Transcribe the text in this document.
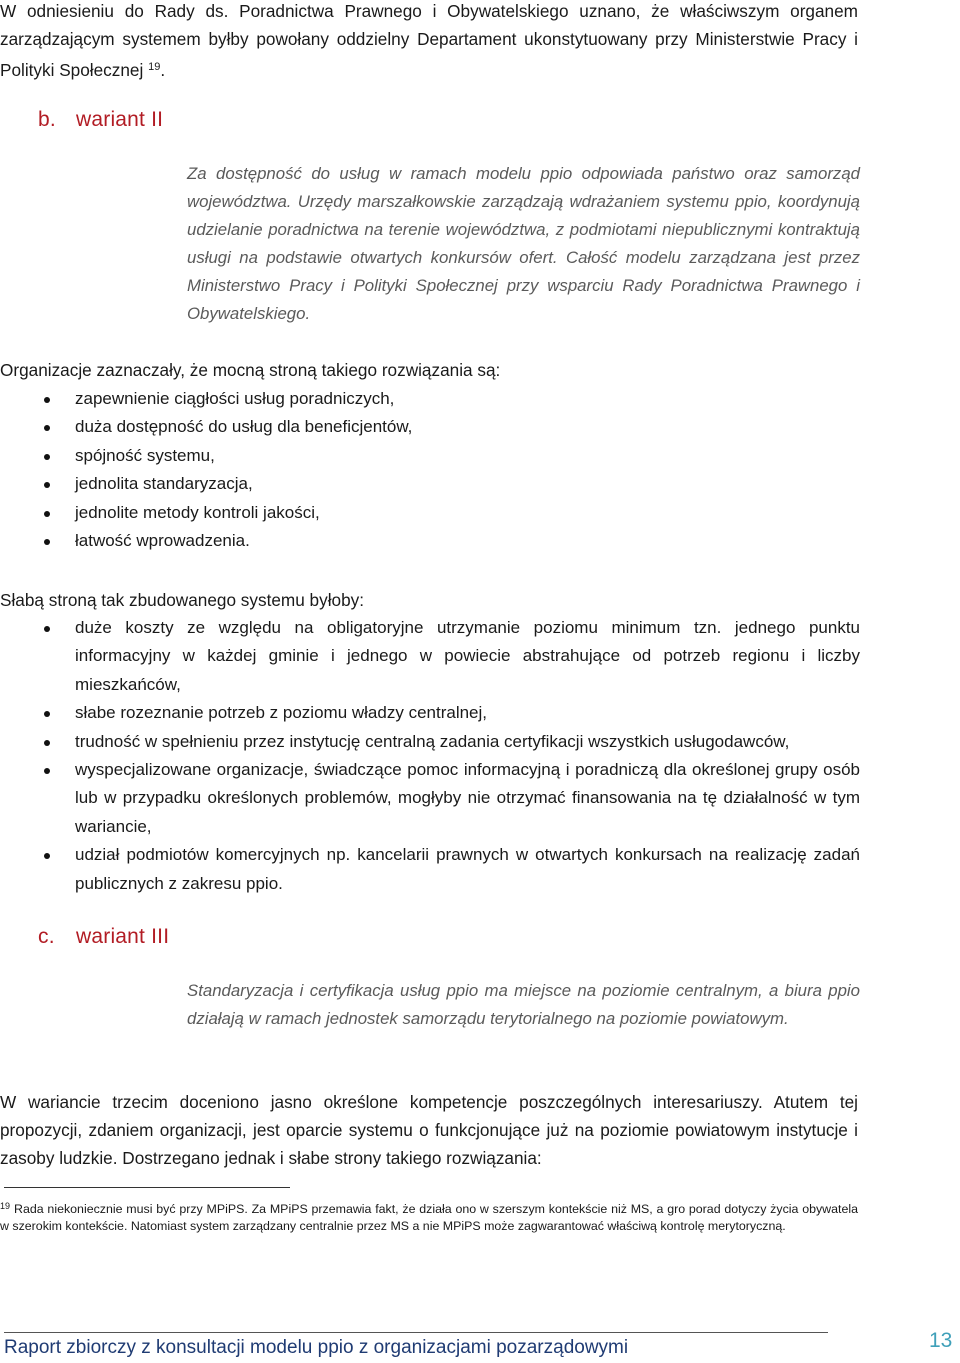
W odniesieniu do Rady ds. Poradnictwa Prawnego i Obywatelskiego uznano, że właściwszym organem zarządzającym systemem byłby powołany oddzielny Departament ukonstytuowany przy Ministerstwie Pracy i Polityki Społecznej $^{19}$.

b. wariant II

Za dostępność do usług w ramach modelu ppio odpowiada państwo oraz samorząd województwa. Urzędy marszałkowskie zarządzają wdrażaniem systemu ppio, koordynują udzielanie poradnictwa na terenie województwa, z podmiotami niepublicznymi kontraktują usługi na podstawie otwartych konkursów ofert. Całość modelu zarządzana jest przez Ministerstwo Pracy i Polityki Społecznej przy wsparciu Rady Poradnictwa Prawnego i Obywatelskiego.

Organizacje zaznaczały, że mocną stroną takiego rozwiązania są:

zapewnienie ciągłości usług poradniczych,
duża dostępność do usług dla beneficjentów,
spójność systemu,
jednolita standaryzacja,
jednolite metody kontroli jakości,
łatwość wprowadzenia.

Słabą stroną tak zbudowanego systemu byłoby:

duże koszty ze względu na obligatoryjne utrzymanie poziomu minimum tzn. jednego punktu informacyjny w każdej gminie i jednego w powiecie abstrahujące od potrzeb regionu i liczby mieszkańców,
słabe rozeznanie potrzeb z poziomu władzy centralnej,
trudność w spełnieniu przez instytucję centralną zadania certyfikacji wszystkich usługodawców,
wyspecjalizowane organizacje, świadczące pomoc informacyjną i poradniczą dla określonej grupy osób lub w przypadku określonych problemów, mogłyby nie otrzymać finansowania na tę działalność w tym wariancie,
udział podmiotów komercyjnych np. kancelarii prawnych w otwartych konkursach na realizację zadań publicznych z zakresu ppio.
c. wariant III

Standaryzacja i certyfikacja usług ppio ma miejsce na poziomie centralnym, a biura ppio działają w ramach jednostek samorządu terytorialnego na poziomie powiatowym.

W wariancie trzecim doceniono jasno określone kompetencje poszczególnych interesariuszy. Atutem tej propozycji, zdaniem organizacji, jest oparcie systemu o funkcjonujące już na poziomie powiatowym instytucje i zasoby ludzkie. Dostrzegano jednak i słabe strony takiego rozwiązania:

$^{19}$ Rada niekoniecznie musi być przy MPiPS. Za MPiPS przemawia fakt, że działa ono w szerszym kontekście niż MS, a gro porad dotyczy życia obywatela w szerokim kontekście. Natomiast system zarządzany centralnie przez MS a nie MPiPS może zagwarantować właściwą kontrolę merytoryczną.

Raport zbiorczy z konsultacji modelu ppio z organizacjami pozarządowymi	13
